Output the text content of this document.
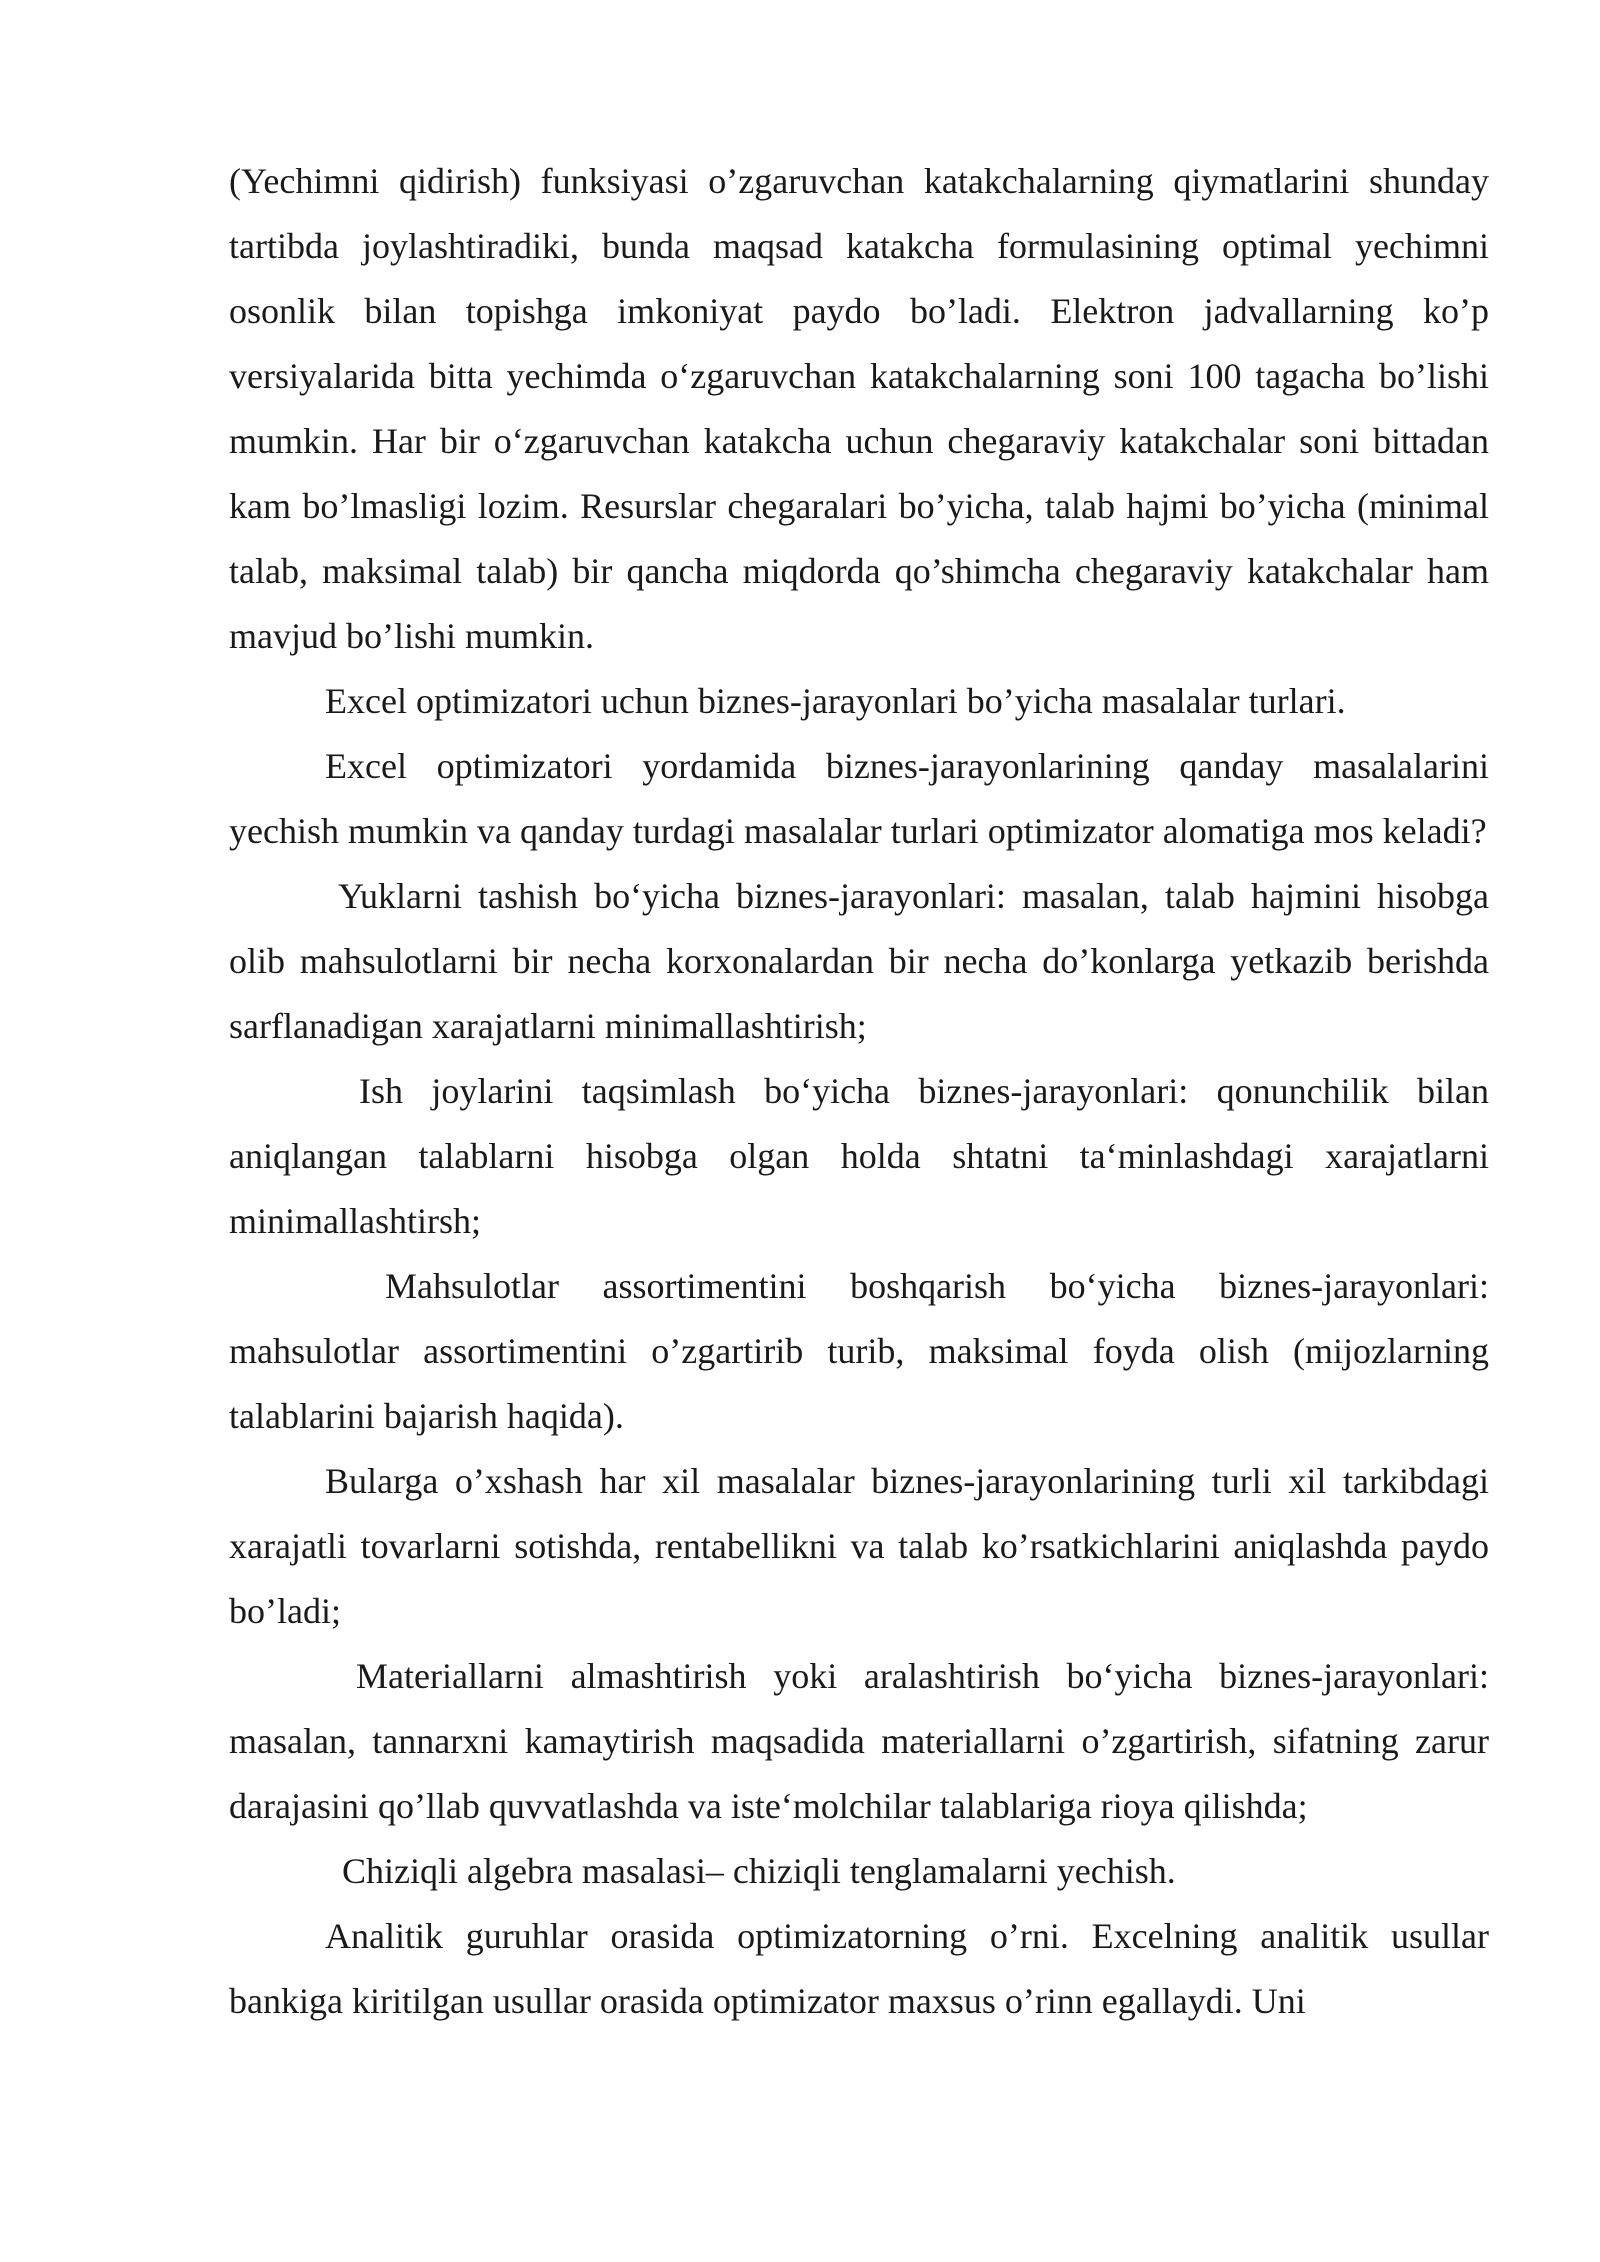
(Yechimni qidirish) funksiyasi o’zgaruvchan katakchalarning qiymatlarini shunday tartibda joylashtiradiki, bunda maqsad katakcha formulasining optimal yechimni osonlik bilan topishga imkoniyat paydo bo’ladi. Elektron jadvallarning ko’p versiyalarida bitta yechimda o‘zgaruvchan katakchalarning soni 100 tagacha bo’lishi mumkin. Har bir o‘zgaruvchan katakcha uchun chegaraviy katakchalar soni bittadan kam bo’lmasligi lozim. Resurslar chegaralari bo’yicha, talab hajmi bo’yicha (minimal talab, maksimal talab) bir qancha miqdorda qo’shimcha chegaraviy katakchalar ham mavjud bo’lishi mumkin.

Excel optimizatori uchun biznes-jarayonlari bo’yicha masalalar turlari.

Excel optimizatori yordamida biznes-jarayonlarining qanday masalalarini yechish mumkin va qanday turdagi masalalar turlari optimizator alomatiga mos keladi?

Yuklarni tashish bo‘yicha biznes-jarayonlari: masalan, talab hajmini hisobga olib mahsulotlarni bir necha korxonalardan bir necha do’konlarga yetkazib berishda sarflanadigan xarajatlarni minimallashtirish;

Ish joylarini taqsimlash bo‘yicha biznes-jarayonlari: qonunchilik bilan aniqlangan talablarni hisobga olgan holda shtatni ta‘minlashdagi xarajatlarni minimallashtirsh;

Mahsulotlar assortimentini boshqarish bo‘yicha biznes-jarayonlari: mahsulotlar assortimentini o’zgartirib turib, maksimal foyda olish (mijozlarning talablarini bajarish haqida).

Bularga o’xshash har xil masalalar biznes-jarayonlarining turli xil tarkibdagi xarajatli tovarlarni sotishda, rentabellikni va talab ko’rsatkichlarini aniqlashda paydo bo’ladi;

Materiallarni almashtirish yoki aralashtirish bo‘yicha biznes-jarayonlari: masalan, tannarxni kamaytirish maqsadida materiallarni o’zgartirish, sifatning zarur darajasini qo’llab quvvatlashda va iste‘molchilar talablariga rioya qilishda;

Chiziqli algebra masalasi– chiziqli tenglamalarni yechish.

Analitik guruhlar orasida optimizatorning o’rni. Excelning analitik usullar bankiga kiritilgan usullar orasida optimizator maxsus o’rinn egallaydi. Uni
